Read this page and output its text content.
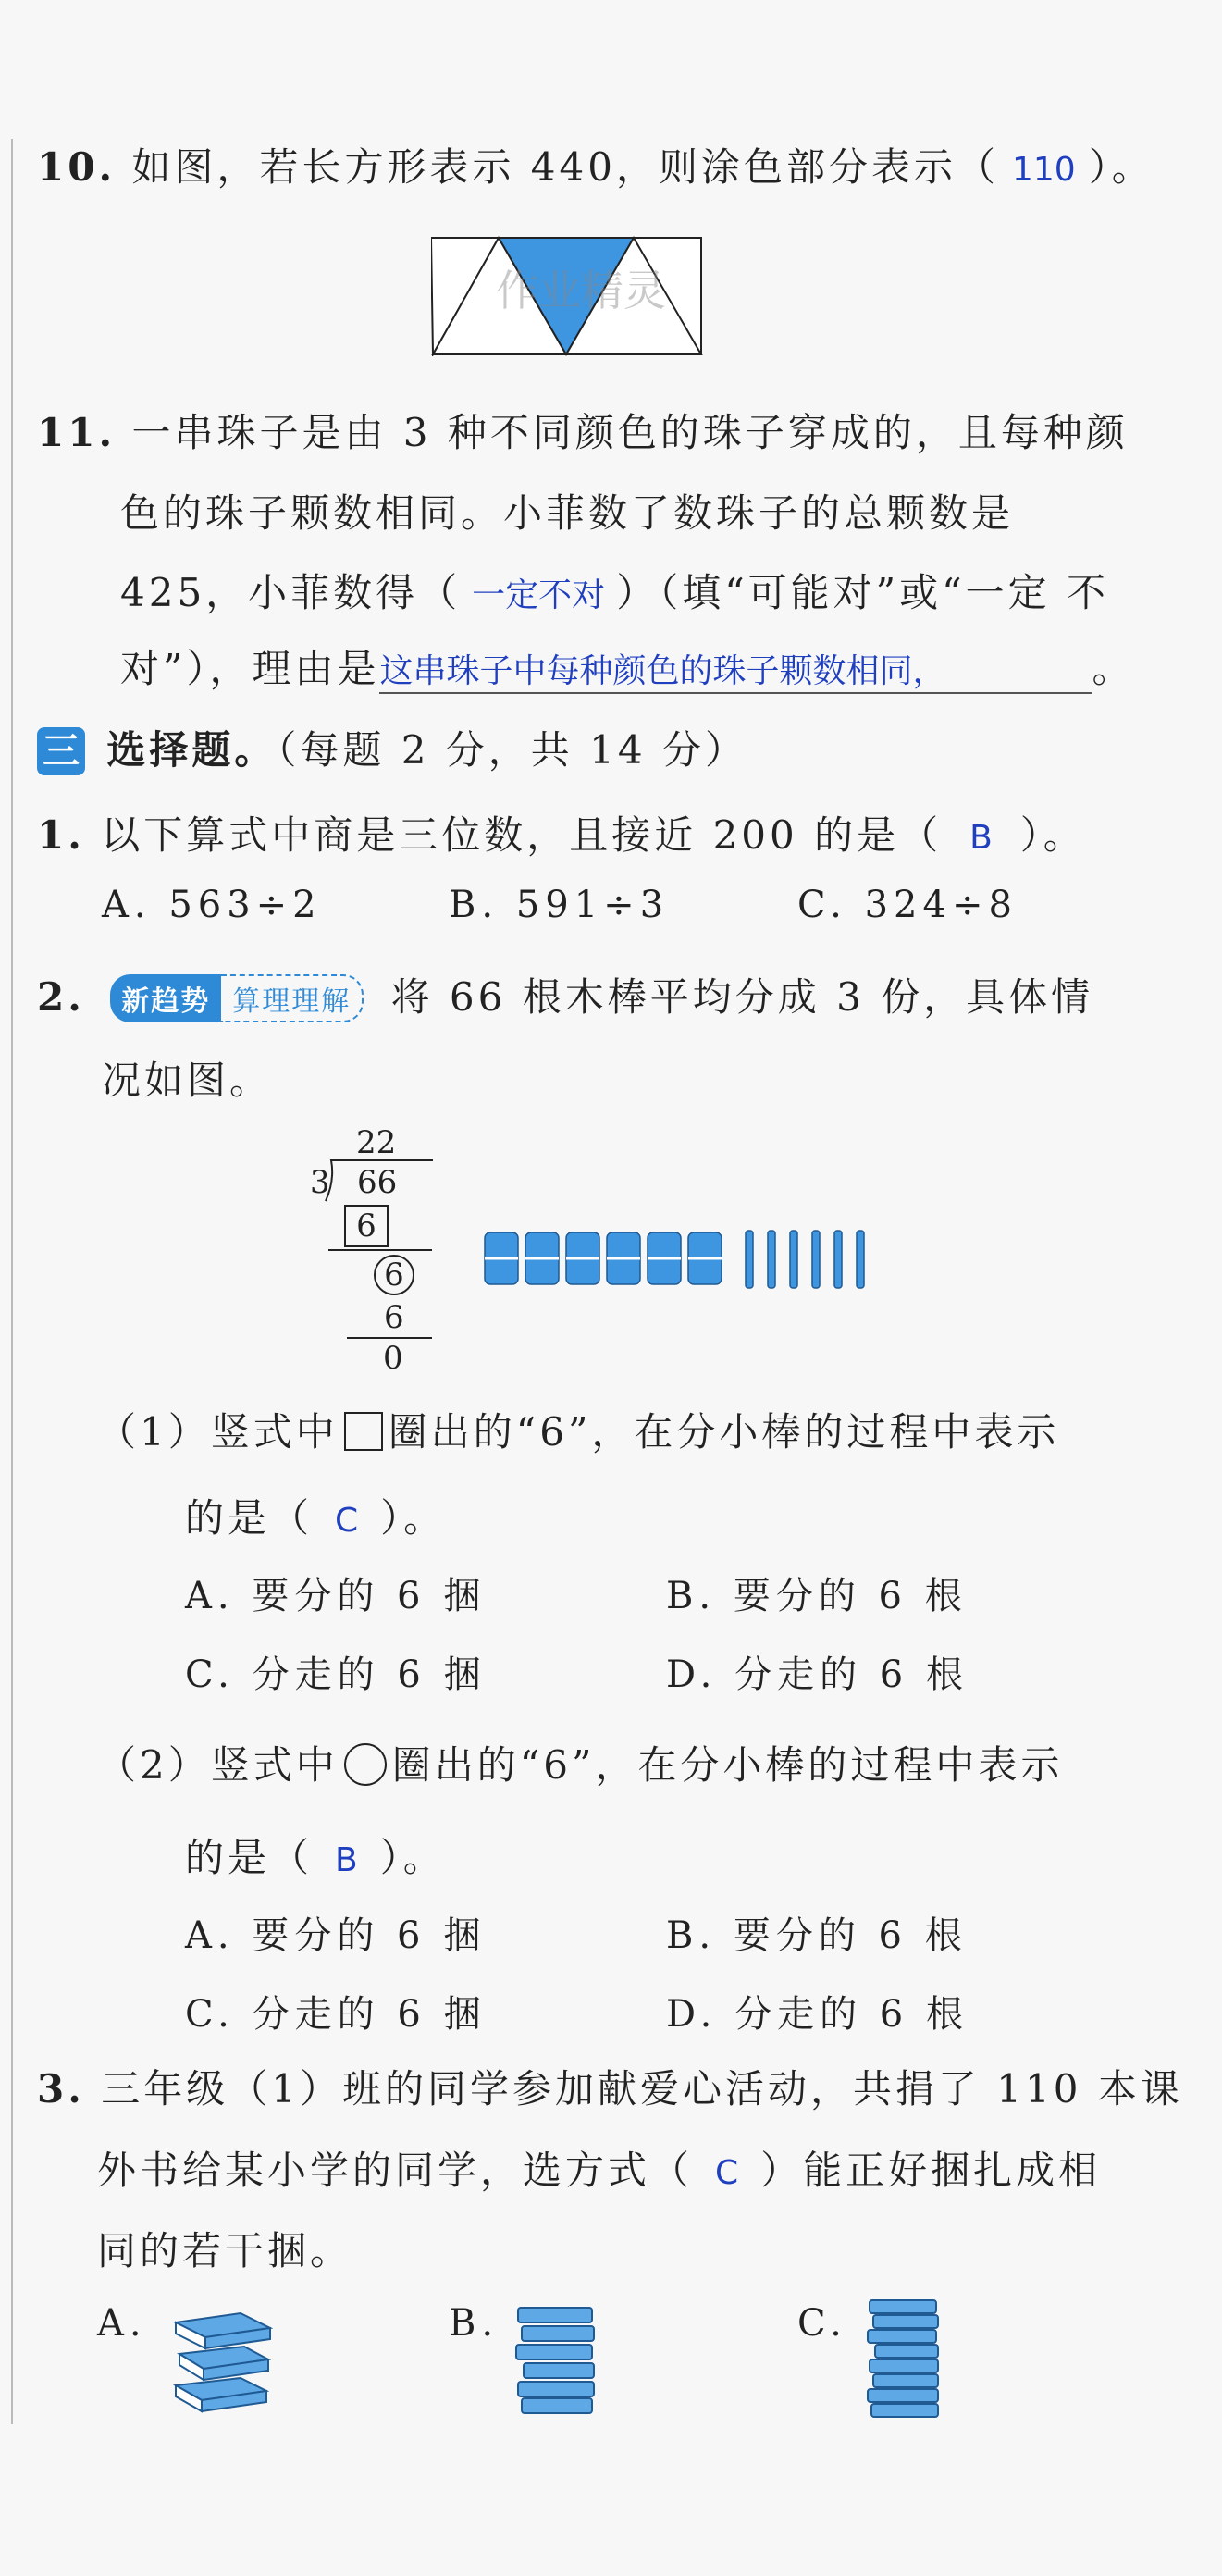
10. 如图，若长方形表示 440，则涂色部分表示（ 110 ）。
作业精灵
11. 一串珠子是由 3 种不同颜色的珠子穿成的，且每种颜
色的珠子颗数相同。小菲数了数珠子的总颗数是
425，小菲数得（ 一定不对 ）（填“可能对”或“一定 不
对”），理由是这串珠子中每种颜色的珠子颗数相同，	。
三 选择题。（每题 2 分，共 14 分）
1. 以下算式中商是三位数，且接近 200 的是（ B ）。
A. 563÷2	B. 591÷3	C. 324÷8
2. 新趋势 算理理解 将 66 根木棒平均分成 3 份，具体情
况如图。
22
3 66
6
6
6
0
（1）竖式中 圈出的“6”，在分小棒的过程中表示
的是（ C ）。
A. 要分的 6 捆	B. 要分的 6 根
C. 分走的 6 捆	D. 分走的 6 根
（2）竖式中 圈出的“6”，在分小棒的过程中表示
的是（ B ）。
A. 要分的 6 捆	B. 要分的 6 根
C. 分走的 6 捆	D. 分走的 6 根
3. 三年级（1）班的同学参加献爱心活动，共捐了 110 本课
外书给某小学的同学，选方式（ C ）能正好捆扎成相
同的若干捆。
A.	B.	C.
